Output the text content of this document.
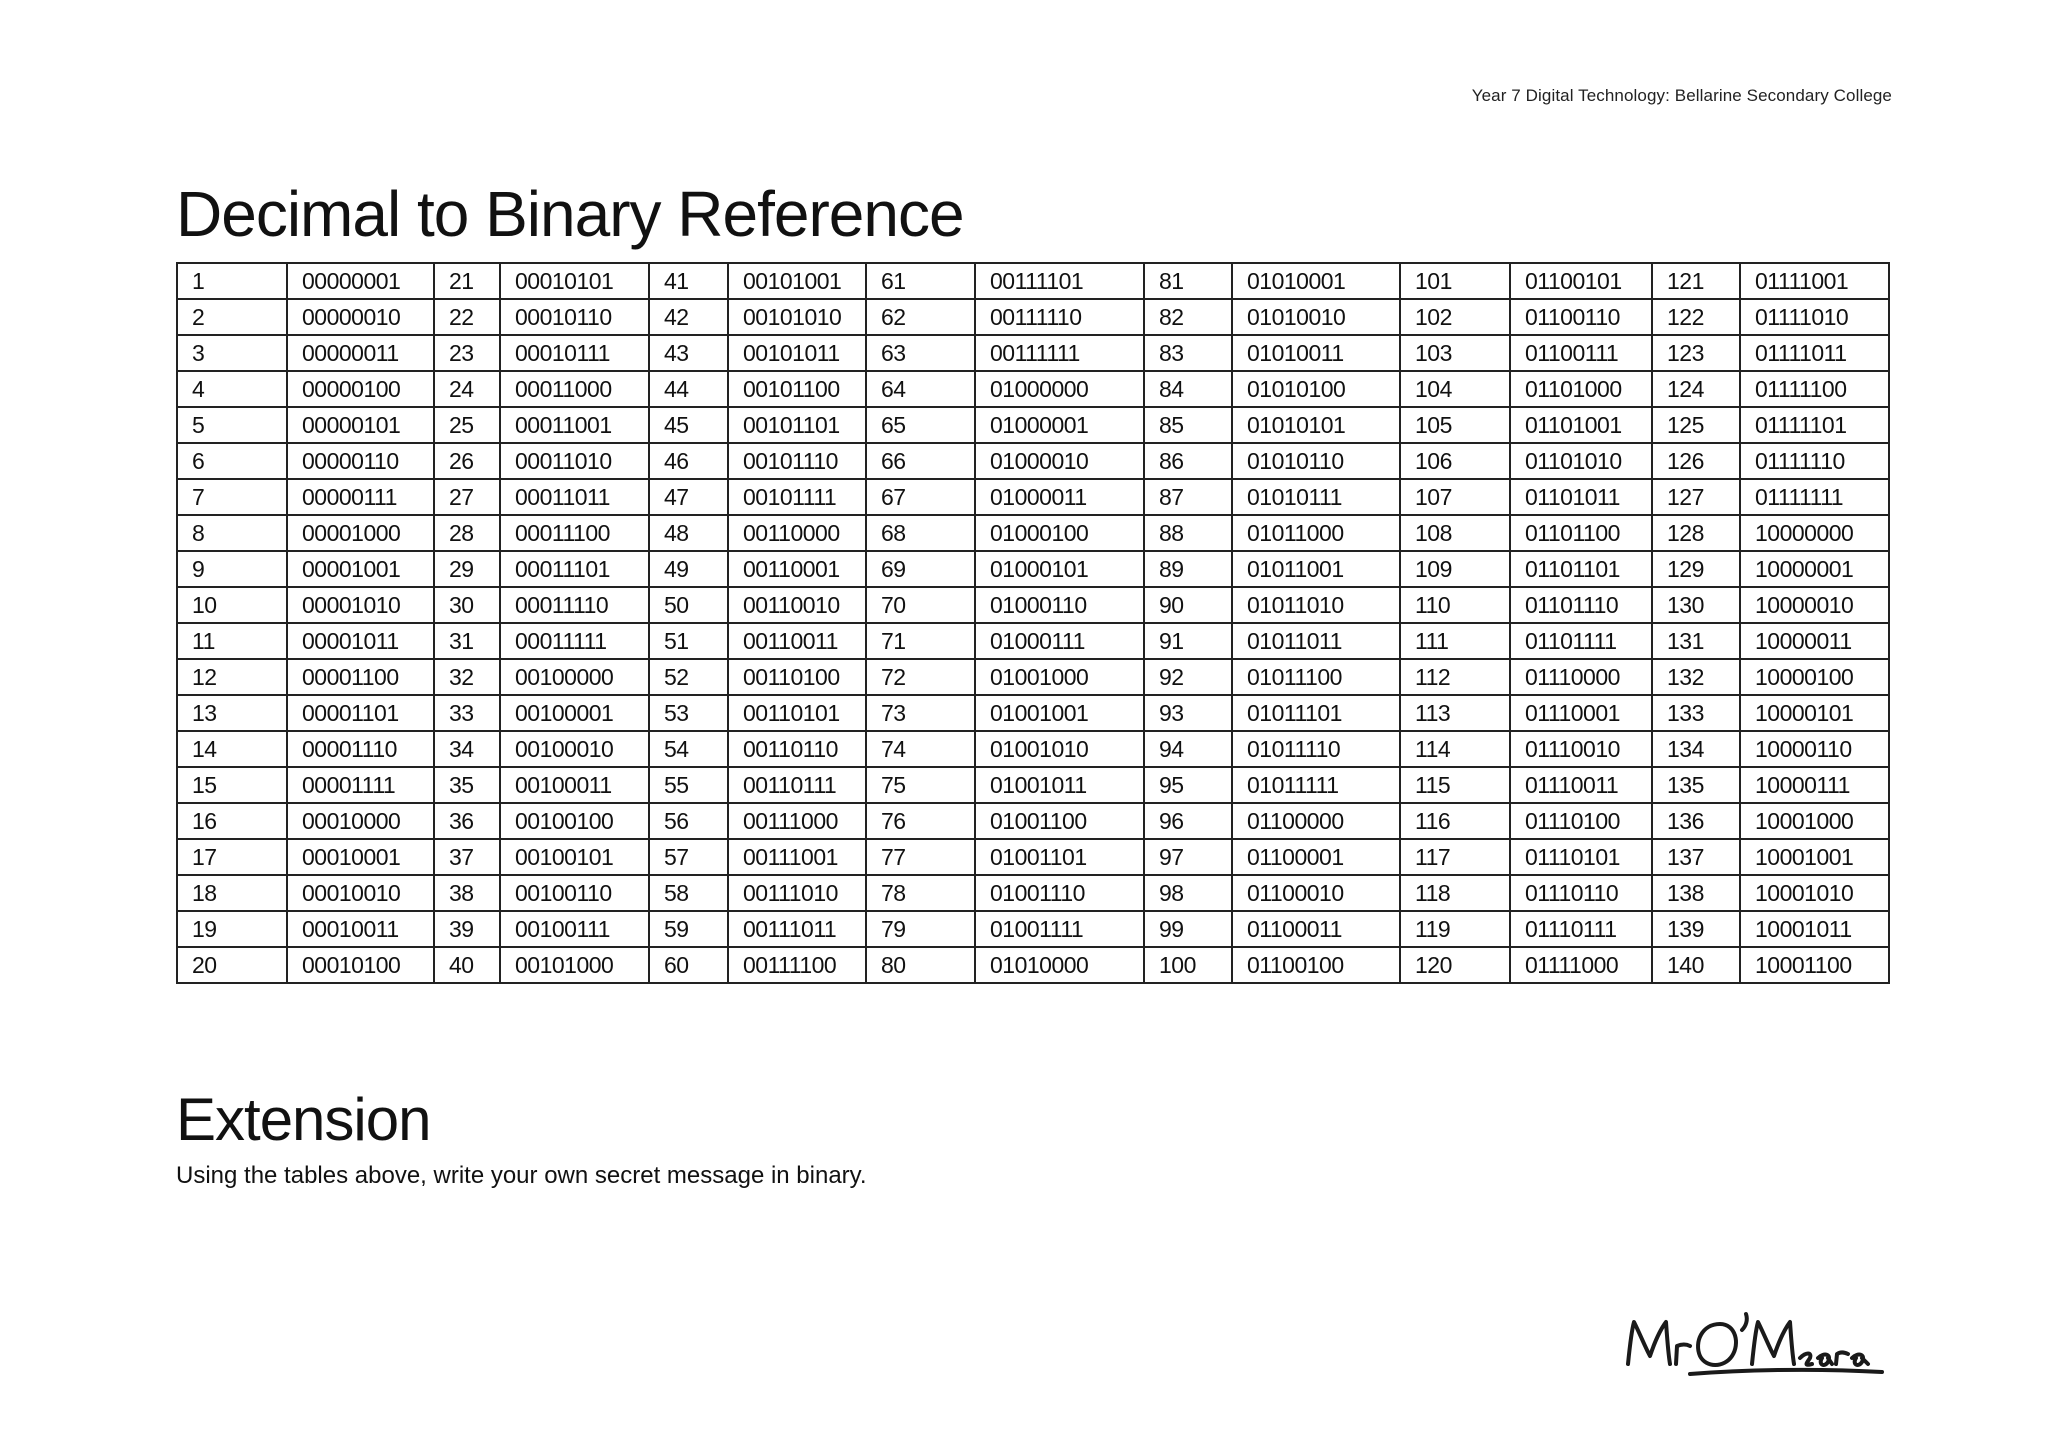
Year 7 Digital Technology: Bellarine Secondary College
Decimal to Binary Reference
1	00000001	21	00010101	41	00101001	61	00111101	81	01010001	101	01100101	121	01111001
2	00000010	22	00010110	42	00101010	62	00111110	82	01010010	102	01100110	122	01111010
3	00000011	23	00010111	43	00101011	63	00111111	83	01010011	103	01100111	123	01111011
4	00000100	24	00011000	44	00101100	64	01000000	84	01010100	104	01101000	124	01111100
5	00000101	25	00011001	45	00101101	65	01000001	85	01010101	105	01101001	125	01111101
6	00000110	26	00011010	46	00101110	66	01000010	86	01010110	106	01101010	126	01111110
7	00000111	27	00011011	47	00101111	67	01000011	87	01010111	107	01101011	127	01111111
8	00001000	28	00011100	48	00110000	68	01000100	88	01011000	108	01101100	128	10000000
9	00001001	29	00011101	49	00110001	69	01000101	89	01011001	109	01101101	129	10000001
10	00001010	30	00011110	50	00110010	70	01000110	90	01011010	110	01101110	130	10000010
11	00001011	31	00011111	51	00110011	71	01000111	91	01011011	111	01101111	131	10000011
12	00001100	32	00100000	52	00110100	72	01001000	92	01011100	112	01110000	132	10000100
13	00001101	33	00100001	53	00110101	73	01001001	93	01011101	113	01110001	133	10000101
14	00001110	34	00100010	54	00110110	74	01001010	94	01011110	114	01110010	134	10000110
15	00001111	35	00100011	55	00110111	75	01001011	95	01011111	115	01110011	135	10000111
16	00010000	36	00100100	56	00111000	76	01001100	96	01100000	116	01110100	136	10001000
17	00010001	37	00100101	57	00111001	77	01001101	97	01100001	117	01110101	137	10001001
18	00010010	38	00100110	58	00111010	78	01001110	98	01100010	118	01110110	138	10001010
19	00010011	39	00100111	59	00111011	79	01001111	99	01100011	119	01110111	139	10001011
20	00010100	40	00101000	60	00111100	80	01010000	100	01100100	120	01111000	140	10001100
Extension

Using the tables above, write your own secret message in binary.
